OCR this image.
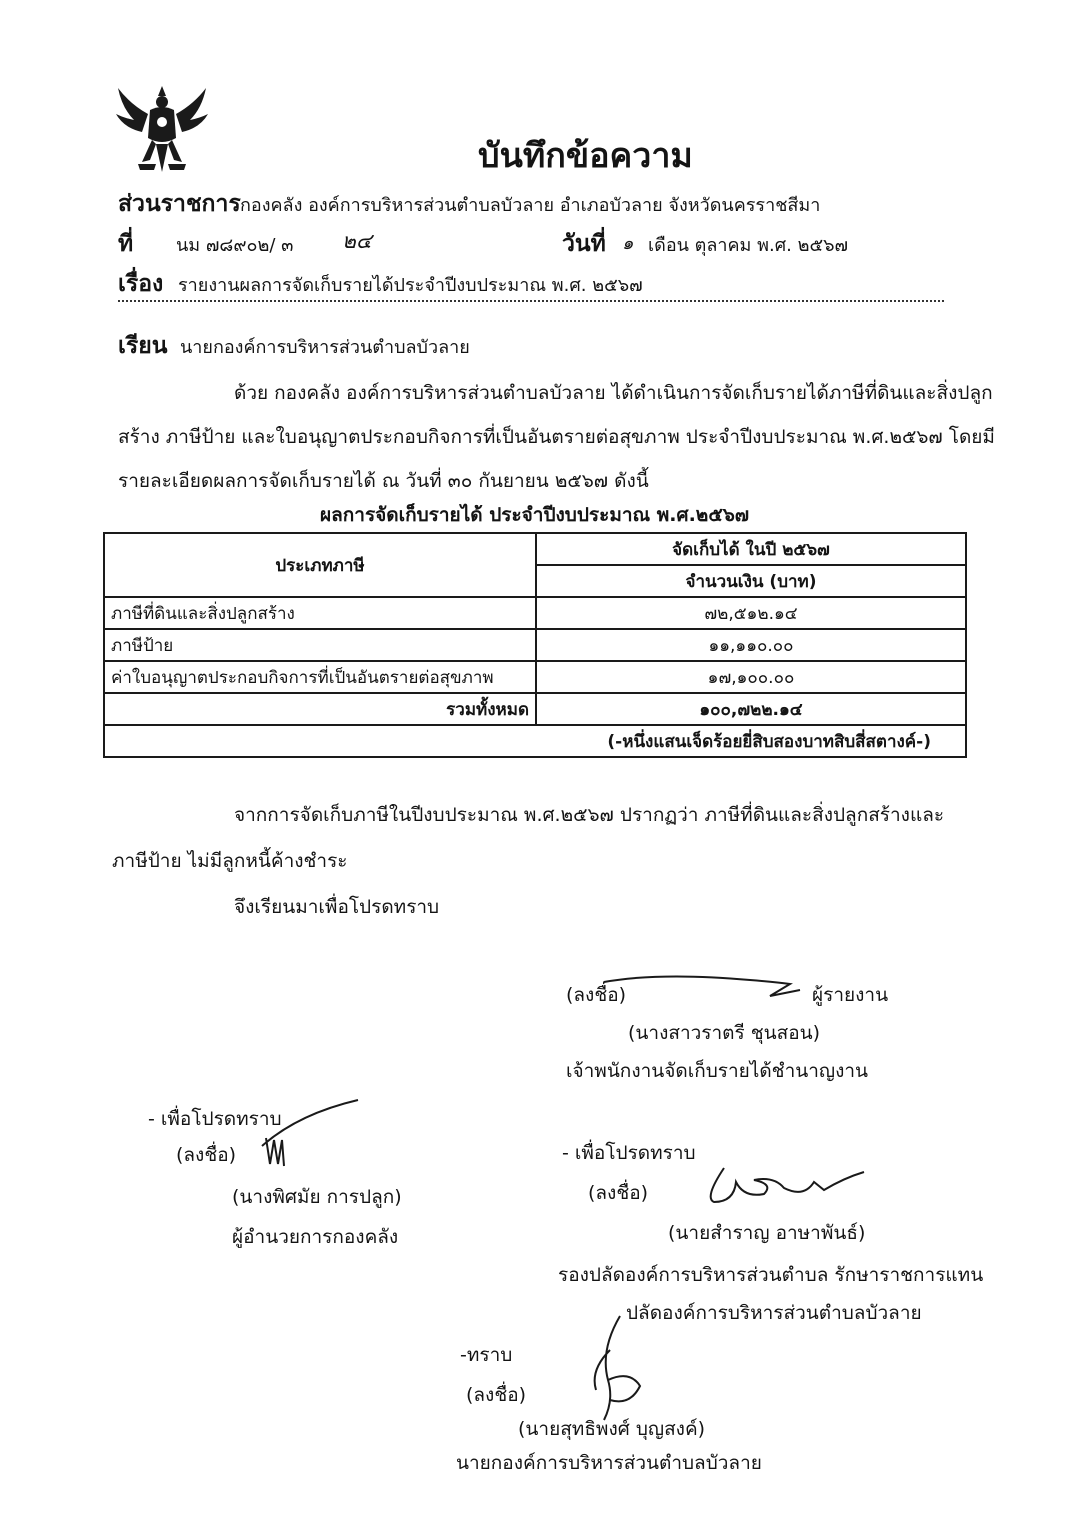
บันทึกข้อความ
ส่วนราชการ กองคลัง องค์การบริหารส่วนตำบลบัวลาย อำเภอบัวลาย จังหวัดนครราชสีมา
ที่ นม ๗๘๙๐๒/ ๓ ๒๔	วันที่ ๑ เดือน ตุลาคม พ.ศ. ๒๕๖๗
เรื่อง รายงานผลการจัดเก็บรายได้ประจำปีงบประมาณ พ.ศ. ๒๕๖๗
เรียน นายกองค์การบริหารส่วนตำบลบัวลาย
ด้วย กองคลัง องค์การบริหารส่วนตำบลบัวลาย ได้ดำเนินการจัดเก็บรายได้ภาษีที่ดินและสิ่งปลูก
สร้าง ภาษีป้าย และใบอนุญาตประกอบกิจการที่เป็นอันตรายต่อสุขภาพ ประจำปีงบประมาณ พ.ศ.๒๕๖๗ โดยมี
รายละเอียดผลการจัดเก็บรายได้ ณ วันที่ ๓๐ กันยายน ๒๕๖๗ ดังนี้
ผลการจัดเก็บรายได้ ประจำปีงบประมาณ พ.ศ.๒๕๖๗
ประเภทภาษี	จัดเก็บได้ ในปี ๒๕๖๗
	จำนวนเงิน (บาท)
ภาษีที่ดินและสิ่งปลูกสร้าง	๗๒,๕๑๒.๑๔
ภาษีป้าย	๑๑,๑๑๐.๐๐
ค่าใบอนุญาตประกอบกิจการที่เป็นอันตรายต่อสุขภาพ	๑๗,๑๐๐.๐๐
รวมทั้งหมด	๑๐๐,๗๒๒.๑๔
(-หนึ่งแสนเจ็ดร้อยยี่สิบสองบาทสิบสี่สตางค์-)	
จากการจัดเก็บภาษีในปีงบประมาณ พ.ศ.๒๕๖๗ ปรากฏว่า ภาษีที่ดินและสิ่งปลูกสร้างและ
ภาษีป้าย ไม่มีลูกหนี้ค้างชำระ
จึงเรียนมาเพื่อโปรดทราบ
(ลงชื่อ)	ผู้รายงาน
(นางสาวราตรี ชุนสอน)
เจ้าพนักงานจัดเก็บรายได้ชำนาญงาน
- เพื่อโปรดทราบ
(ลงชื่อ)
(นางพิศมัย การปลูก)
ผู้อำนวยการกองคลัง
- เพื่อโปรดทราบ
(ลงชื่อ)
(นายสำราญ อาษาพันธ์)
รองปลัดองค์การบริหารส่วนตำบล รักษาราชการแทน
ปลัดองค์การบริหารส่วนตำบลบัวลาย
-ทราบ
(ลงชื่อ)
(นายสุทธิพงศ์ บุญสงค์)
นายกองค์การบริหารส่วนตำบลบัวลาย
